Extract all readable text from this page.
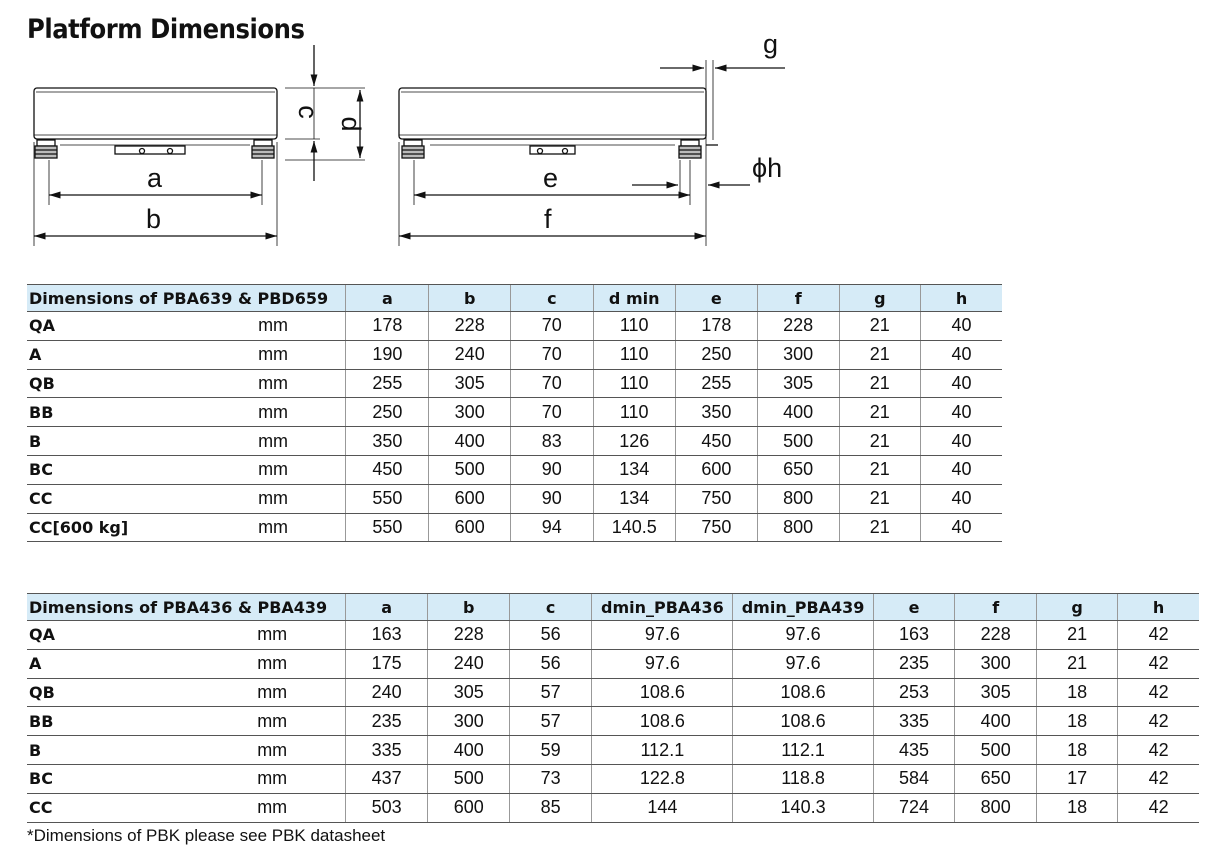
Platform Dimensions
a
b
c
d
e
f
g
ϕh
Dimensions of PBA639 & PBD659		a	b	c	d min	e	f	g	h
QA	mm	178	228	70	110	178	228	21	40
A	mm	190	240	70	110	250	300	21	40
QB	mm	255	305	70	110	255	305	21	40
BB	mm	250	300	70	110	350	400	21	40
B	mm	350	400	83	126	450	500	21	40
BC	mm	450	500	90	134	600	650	21	40
CC	mm	550	600	90	134	750	800	21	40
CC[600 kg]	mm	550	600	94	140.5	750	800	21	40
Dimensions of PBA436 & PBA439		a	b	c	dmin_PBA436	dmin_PBA439	e	f	g	h
QA	mm	163	228	56	97.6	97.6	163	228	21	42
A	mm	175	240	56	97.6	97.6	235	300	21	42
QB	mm	240	305	57	108.6	108.6	253	305	18	42
BB	mm	235	300	57	108.6	108.6	335	400	18	42
B	mm	335	400	59	112.1	112.1	435	500	18	42
BC	mm	437	500	73	122.8	118.8	584	650	17	42
CC	mm	503	600	85	144	140.3	724	800	18	42
*Dimensions of PBK please see PBK datasheet
